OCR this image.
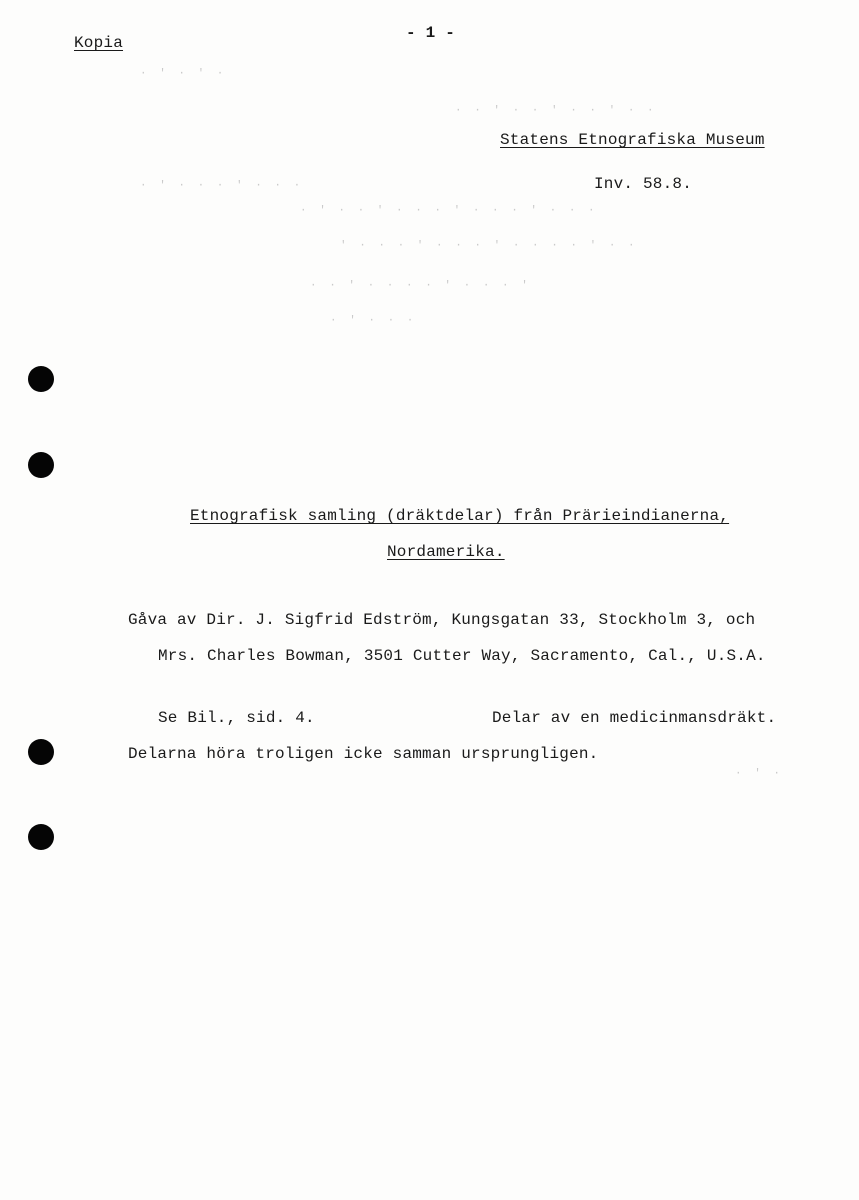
· ' · ' ·
· · ' · · ' · · ' · ·
· ' · · · ' · · ·
· ' · · ' · · · ' · · · ' · · ·
' · · · ' · · · ' · · · · ' · ·
· · ' · · · · ' · · · '
· ' · · ·
· ' ·
Kopia
- 1 -
Statens Etnografiska Museum
Inv. 58.8.
Etnografisk samling (dräktdelar) från Prärieindianerna,
Nordamerika.
Gåva av Dir. J. Sigfrid Edström, Kungsgatan 33, Stockholm 3, och
Mrs. Charles Bowman, 3501 Cutter Way, Sacramento, Cal., U.S.A.
Se Bil., sid. 4.	Delar av en medicinmansdräkt.
Delarna höra troligen icke samman ursprungligen.
